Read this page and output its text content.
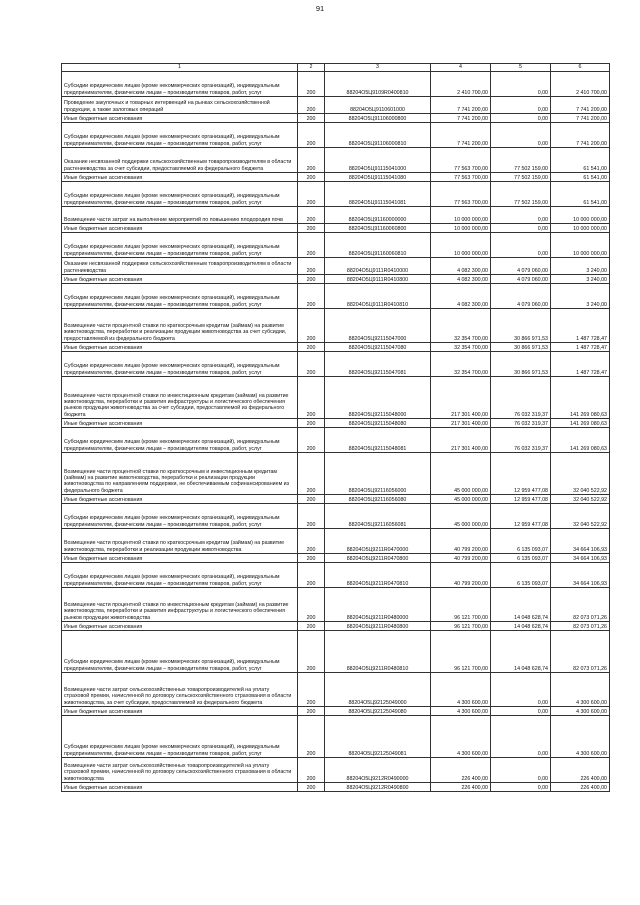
91
1	2	3	4	5	6
Субсидии юридическим лицам (кроме некоммерческих организаций), индивидуальным предпринимателям, физическим лицам – производителям товаров, работ, услуг	200	88204О5Ц9109R0400810	2 410 700,00	0,00	2 410 700,00
Проведение закупочных и товарных интервенций на рынках сельскохозяйственной продукции, а также залоговых операций	200	88204О5Ц9110601000	7 741 200,00	0,00	7 741 200,00
Иные бюджетные ассигнования	200	88204О5Ц91106000800	7 741 200,00	0,00	7 741 200,00
Субсидии юридическим лицам (кроме некоммерческих организаций), индивидуальным предпринимателям, физическим лицам – производителям товаров, работ, услуг	200	88204О5Ц91106000810	7 741 200,00	0,00	7 741 200,00
Оказание несвязанной поддержки сельскохозяйственным товаропроизводителям в области растениеводства за счет субсидии, предоставляемой из федерального бюджета	200	88204О5Ц91115041000	77 563 700,00	77 502 159,00	61 541,00
Иные бюджетные ассигнования	200	88204О5Ц91115041080	77 563 700,00	77 502 159,00	61 541,00
Субсидии юридическим лицам (кроме некоммерческих организаций), индивидуальным предпринимателям, физическим лицам – производителям товаров, работ, услуг	200	88204О5Ц91115041081	77 563 700,00	77 502 159,00	61 541,00
Возмещение части затрат на выполнение мероприятий по повышению плодородия почв	200	88204О5Ц91160000000	10 000 000,00	0,00	10 000 000,00
Иные бюджетные ассигнования	200	88204О5Ц91160060800	10 000 000,00	0,00	10 000 000,00
Субсидии юридическим лицам (кроме некоммерческих организаций), индивидуальным предпринимателям, физическим лицам – производителям товаров, работ, услуг	200	88204О5Ц91160060810	10 000 000,00	0,00	10 000 000,00
Оказание несвязанной поддержки сельскохозяйственным товаропроизводителям в области растениеводства	200	88204О5Ц9111R0410000	4 082 300,00	4 079 060,00	3 240,00
Иные бюджетные ассигнования	200	88204О5Ц9111R0410800	4 082 300,00	4 079 060,00	3 240,00
Субсидии юридическим лицам (кроме некоммерческих организаций), индивидуальным предпринимателям, физическим лицам – производителям товаров, работ, услуг	200	88204О5Ц9111R0410810	4 082 300,00	4 079 060,00	3 240,00
Возмещение части процентной ставки по краткосрочным кредитам (займам) на развитие животноводства, переработки и реализации продукции животноводства за счет субсидии, предоставляемой из федерального бюджета	200	88204О5Ц92115047000	32 354 700,00	30 866 971,53	1 487 728,47
Иные бюджетные ассигнования	200	88204О5Ц92115047080	32 354 700,00	30 866 971,53	1 487 728,47
Субсидии юридическим лицам (кроме некоммерческих организаций), индивидуальным предпринимателям, физическим лицам – производителям товаров, работ, услуг	200	88204О5Ц92115047081	32 354 700,00	30 866 971,53	1 487 728,47
Возмещение части процентной ставки по инвестиционным кредитам (займам) на развитие животноводства, переработки и развития инфраструктуры и логистического обеспечения рынков продукции животноводства за счет субсидии, предоставляемой из федерального бюджета	200	88204О5Ц92115048000	217 301 400,00	76 032 319,37	141 269 080,63
Иные бюджетные ассигнования	200	88204О5Ц92115048080	217 301 400,00	76 032 319,37	141 269 080,63
Субсидии юридическим лицам (кроме некоммерческих организаций), индивидуальным предпринимателям, физическим лицам – производителям товаров, работ, услуг	200	88204О5Ц92115048081	217 301 400,00	76 032 319,37	141 269 080,63
Возмещение части процентной ставки по краткосрочным и инвестиционным кредитам (займам) на развитие животноводства, переработки и реализации продукции животноводства по направлениям поддержки, не обеспечиваемым софинансированием из федерального бюджета	200	88204О5Ц92116056000	45 000 000,00	12 959 477,08	32 040 522,92
Иные бюджетные ассигнования	200	88204О5Ц92116056080	45 000 000,00	12 959 477,08	32 040 522,92
Субсидии юридическим лицам (кроме некоммерческих организаций), индивидуальным предпринимателям, физическим лицам – производителям товаров, работ, услуг	200	88204О5Ц92116056081	45 000 000,00	12 959 477,08	32 040 522,92
Возмещение части процентной ставки по краткосрочным кредитам (займам) на развитие животноводства, переработки и реализации продукции животноводства	200	88204О5Ц9211R0470000	40 799 200,00	6 135 093,07	34 664 106,93
Иные бюджетные ассигнования	200	88204О5Ц9211R0470800	40 799 200,00	6 135 093,07	34 664 106,93
Субсидии юридическим лицам (кроме некоммерческих организаций), индивидуальным предпринимателям, физическим лицам – производителям товаров, работ, услуг	200	88204О5Ц9211R0470810	40 799 200,00	6 135 093,07	34 664 106,93
Возмещение части процентной ставки по инвестиционным кредитам (займам) на развитие животноводства, переработки и развития инфраструктуры и логистического обеспечения рынков продукции животноводства	200	88204О5Ц9211R0480000	96 121 700,00	14 048 628,74	82 073 071,26
Иные бюджетные ассигнования	200	88204О5Ц9211R0480800	96 121 700,00	14 048 628,74	82 073 071,26
Субсидии юридическим лицам (кроме некоммерческих организаций), индивидуальным предпринимателям, физическим лицам – производителям товаров, работ, услуг	200	88204О5Ц9211R0480810	96 121 700,00	14 048 628,74	82 073 071,26
Возмещение части затрат сельскохозяйственных товаропроизводителей на уплату страховой премии, начисленной по договору сельскохозяйственного страхования в области животноводства, за счет субсидии, предоставляемой из федерального бюджета	200	88204О5Ц92125049000	4 300 600,00	0,00	4 300 600,00
Иные бюджетные ассигнования	200	88204О5Ц92125049080	4 300 600,00	0,00	4 300 600,00
Субсидии юридическим лицам (кроме некоммерческих организаций), индивидуальным предпринимателям, физическим лицам – производителям товаров, работ, услуг	200	88204О5Ц92125049081	4 300 600,00	0,00	4 300 600,00
Возмещение части затрат сельскохозяйственных товаропроизводителей на уплату страховой премии, начисленной по договору сельскохозяйственного страхования в области животноводства	200	88204О5Ц9212R0490000	226 400,00	0,00	226 400,00
Иные бюджетные ассигнования	200	88204О5Ц9212R0490800	226 400,00	0,00	226 400,00
